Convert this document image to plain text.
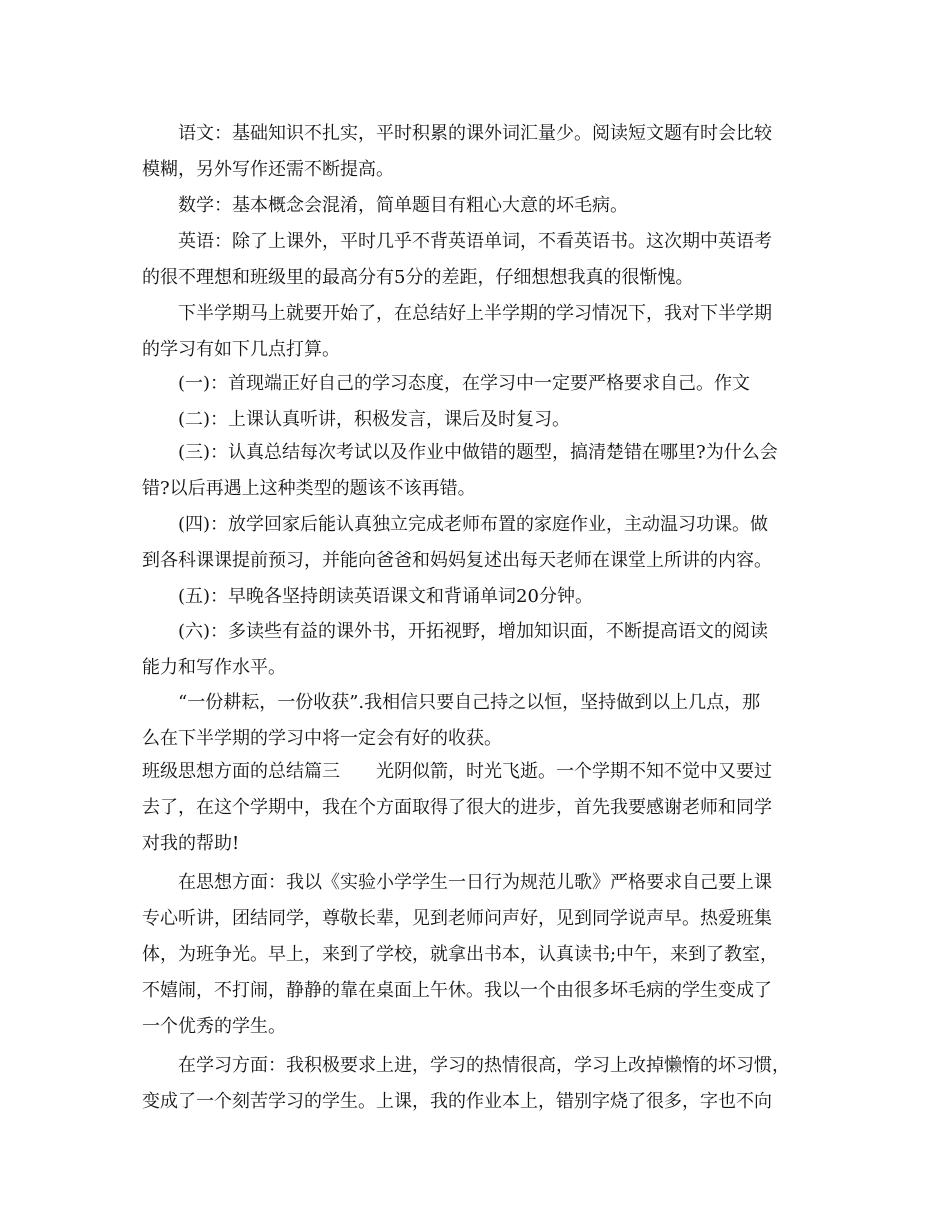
语文：基础知识不扎实，平时积累的课外词汇量少。阅读短文题有时会比较
模糊，另外写作还需不断提高。
数学：基本概念会混淆，简单题目有粗心大意的坏毛病。
英语：除了上课外，平时几乎不背英语单词，不看英语书。这次期中英语考
的很不理想和班级里的最高分有5分的差距，仔细想想我真的很惭愧。
下半学期马上就要开始了，在总结好上半学期的学习情况下，我对下半学期
的学习有如下几点打算。
(一)：首现端正好自己的学习态度，在学习中一定要严格要求自己。作文
(二)：上课认真听讲，积极发言，课后及时复习。
(三)：认真总结每次考试以及作业中做错的题型，搞清楚错在哪里?为什么会
错?以后再遇上这种类型的题该不该再错。
(四)：放学回家后能认真独立完成老师布置的家庭作业，主动温习功课。做
到各科课课提前预习，并能向爸爸和妈妈复述出每天老师在课堂上所讲的内容。
(五)：早晚各坚持朗读英语课文和背诵单词20分钟。
(六)：多读些有益的课外书，开拓视野，增加知识面，不断提高语文的阅读
能力和写作水平。
“一份耕耘，一份收获”.我相信只要自己持之以恒，坚持做到以上几点，那
么在下半学期的学习中将一定会有好的收获。
班级思想方面的总结篇三　　光阴似箭，时光飞逝。一个学期不知不觉中又要过
去了，在这个学期中，我在个方面取得了很大的进步，首先我要感谢老师和同学
对我的帮助!
在思想方面：我以《实验小学学生一日行为规范儿歌》严格要求自己要上课
专心听讲，团结同学，尊敬长辈，见到老师问声好，见到同学说声早。热爱班集
体，为班争光。早上，来到了学校，就拿出书本，认真读书;中午，来到了教室，
不嬉闹，不打闹，静静的靠在桌面上午休。我以一个由很多坏毛病的学生变成了
一个优秀的学生。
在学习方面：我积极要求上进，学习的热情很高，学习上改掉懒惰的坏习惯，
变成了一个刻苦学习的学生。上课，我的作业本上，错别字烧了很多，字也不向
